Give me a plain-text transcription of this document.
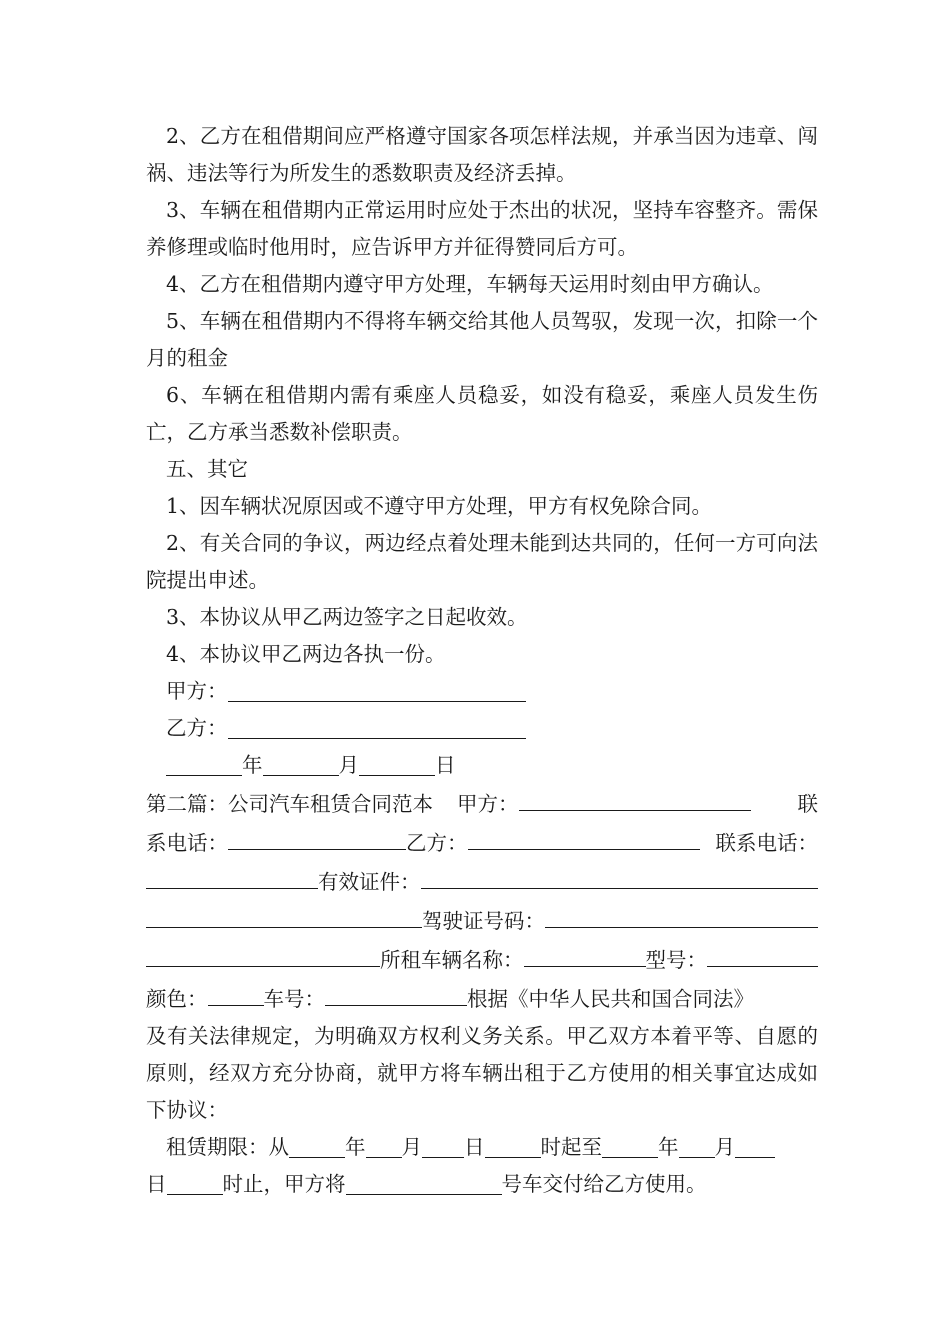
2、乙方在租借期间应严格遵守国家各项怎样法规，并承当因为违章、闯祸、违法等行为所发生的悉数职责及经济丢掉。

3、车辆在租借期内正常运用时应处于杰出的状况，坚持车容整齐。需保养修理或临时他用时，应告诉甲方并征得赞同后方可。

4、乙方在租借期内遵守甲方处理，车辆每天运用时刻由甲方确认。

5、车辆在租借期内不得将车辆交给其他人员驾驭，发现一次，扣除一个月的租金

6、车辆在租借期内需有乘座人员稳妥，如没有稳妥，乘座人员发生伤亡，乙方承当悉数补偿职责。

五、其它

1、因车辆状况原因或不遵守甲方处理，甲方有权免除合同。

2、有关合同的争议，两边经点着处理未能到达共同的，任何一方可向法院提出申述。

3、本协议从甲乙两边签字之日起收效。

4、本协议甲乙两边各执一份。

甲方：

乙方：

年	月	日

第二篇：公司汽车租赁合同范本 甲方：	联
系电话：	乙方：	联系电话：
有效证件：
驾驶证号码：
所租车辆名称：	型号：
颜色：	车号：	根据《中华人民共和国合同法》

及有关法律规定，为明确双方权利义务关系。甲乙双方本着平等、自愿的原则，经双方充分协商，就甲方将车辆出租于乙方使用的相关事宜达成如下协议：

租赁期限：从	年 月 日	时起至	年 月

日	时止，甲方将	号车交付给乙方使用。
